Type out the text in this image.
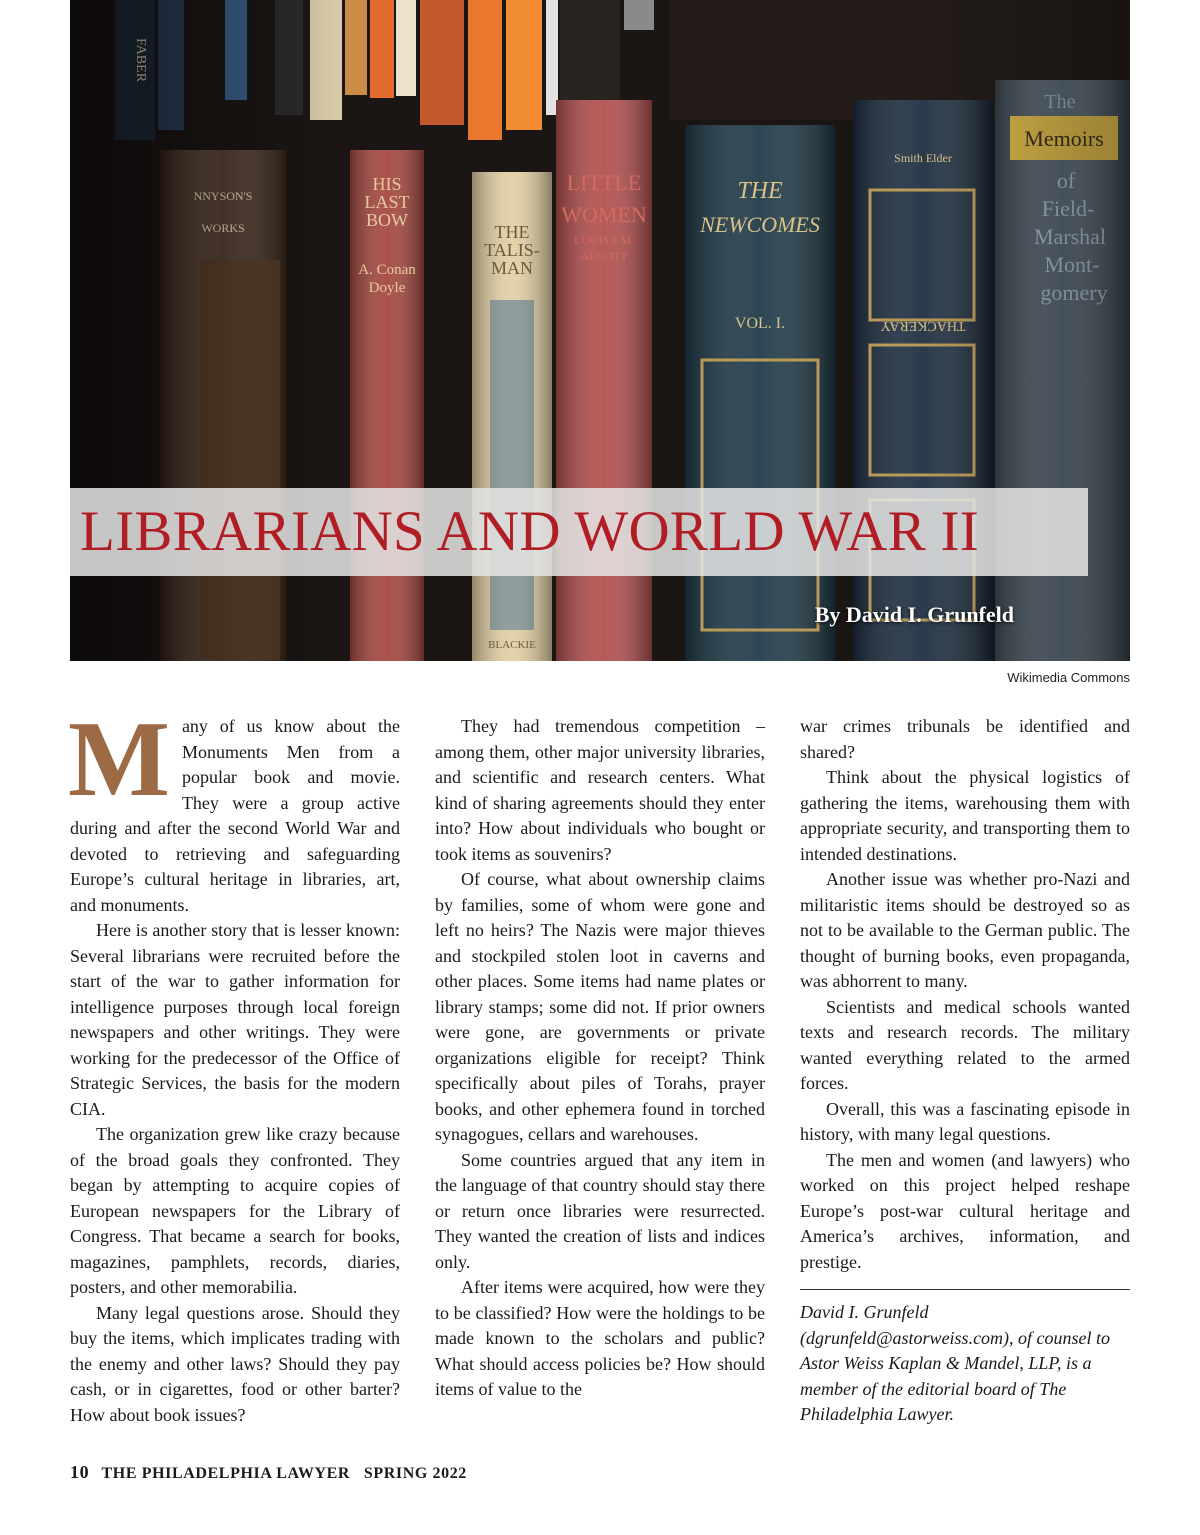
LIBRARIANS AND WORLD WAR II

By David I. Grunfeld

Wikimedia Commons

Many of us know about the Monuments Men from a popular book and movie. They were a group active during and after the second World War and devoted to retrieving and safeguarding Europe’s cultural heritage in libraries, art, and monuments.

Here is another story that is lesser known: Several librarians were recruited before the start of the war to gather information for intelligence purposes through local foreign newspapers and other writings. They were working for the predecessor of the Office of Strategic Services, the basis for the modern CIA.

The organization grew like crazy because of the broad goals they confronted. They began by attempting to acquire copies of European newspapers for the Library of Congress. That became a search for books, magazines, pamphlets, records, diaries, posters, and other memorabilia.

Many legal questions arose. Should they buy the items, which implicates trading with the enemy and other laws? Should they pay cash, or in cigarettes, food or other barter? How about book issues?

They had tremendous competition – among them, other major university libraries, and scientific and research centers. What kind of sharing agreements should they enter into? How about individuals who bought or took items as souvenirs?

Of course, what about ownership claims by families, some of whom were gone and left no heirs? The Nazis were major thieves and stockpiled stolen loot in caverns and other places. Some items had name plates or library stamps; some did not. If prior owners were gone, are governments or private organizations eligible for receipt? Think specifically about piles of Torahs, prayer books, and other ephemera found in torched synagogues, cellars and warehouses.

Some countries argued that any item in the language of that country should stay there or return once libraries were resurrected. They wanted the creation of lists and indices only.

After items were acquired, how were they to be classified? How were the holdings to be made known to the scholars and public? What should access policies be? How should items of value to the

war crimes tribunals be identified and shared?

Think about the physical logistics of gathering the items, warehousing them with appropriate security, and transporting them to intended destinations.

Another issue was whether pro-Nazi and militaristic items should be destroyed so as not to be available to the German public. The thought of burning books, even propaganda, was abhorrent to many.

Scientists and medical schools wanted texts and research records. The military wanted everything related to the armed forces.

Overall, this was a fascinating episode in history, with many legal questions.

The men and women (and lawyers) who worked on this project helped reshape Europe’s post-war cultural heritage and America’s archives, information, and prestige.

David I. Grunfeld (dgrunfeld@astorweiss.com), of counsel to Astor Weiss Kaplan & Mandel, LLP, is a member of the editorial board of The Philadelphia Lawyer.

10 THE PHILADELPHIA LAWYER SPRING 2022
